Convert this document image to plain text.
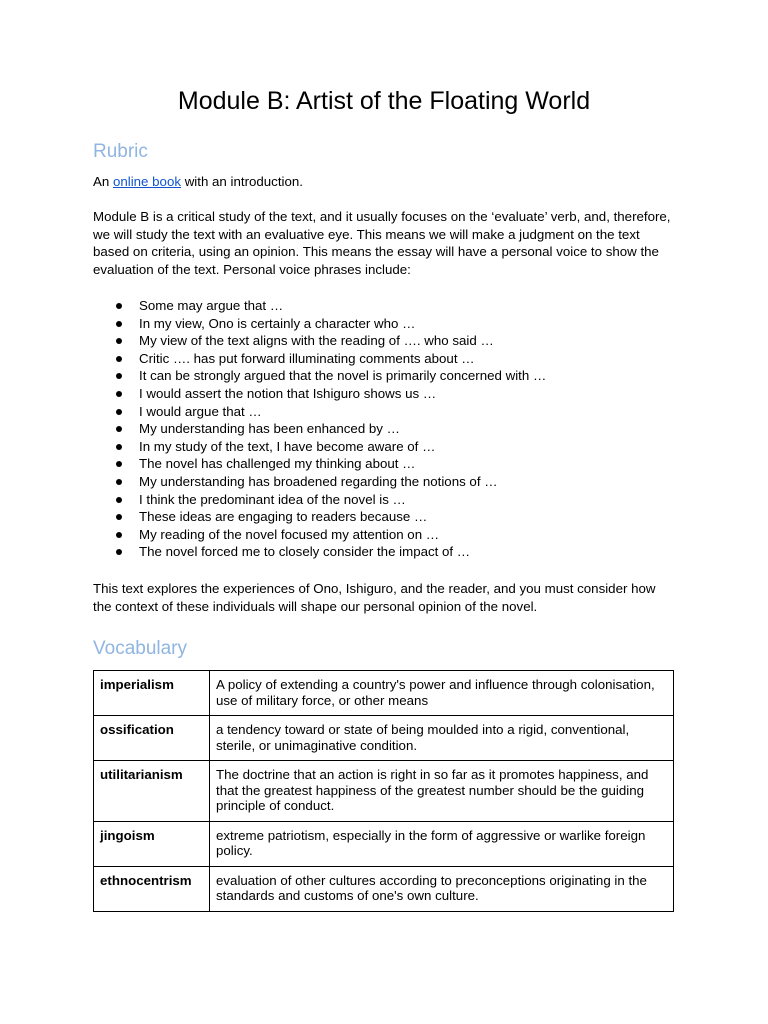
Module B: Artist of the Floating World
Rubric

An online book with an introduction.

Module B is a critical study of the text, and it usually focuses on the ‘evaluate’ verb, and, therefore, we will study the text with an evaluative eye. This means we will make a judgment on the text based on criteria, using an opinion. This means the essay will have a personal voice to show the evaluation of the text. Personal voice phrases include:

Some may argue that …
In my view, Ono is certainly a character who …
My view of the text aligns with the reading of …. who said …
Critic …. has put forward illuminating comments about …
It can be strongly argued that the novel is primarily concerned with …
I would assert the notion that Ishiguro shows us …
I would argue that …
My understanding has been enhanced by …
In my study of the text, I have become aware of …
The novel has challenged my thinking about …
My understanding has broadened regarding the notions of …
I think the predominant idea of the novel is …
These ideas are engaging to readers because …
My reading of the novel focused my attention on …
The novel forced me to closely consider the impact of …

This text explores the experiences of Ono, Ishiguro, and the reader, and you must consider how the context of these individuals will shape our personal opinion of the novel.

Vocabulary
imperialism	A policy of extending a country's power and influence through colonisation, use of military force, or other means
ossification	a tendency toward or state of being moulded into a rigid, conventional, sterile, or unimaginative condition.
utilitarianism	The doctrine that an action is right in so far as it promotes happiness, and that the greatest happiness of the greatest number should be the guiding principle of conduct.
jingoism	extreme patriotism, especially in the form of aggressive or warlike foreign policy.
ethnocentrism	evaluation of other cultures according to preconceptions originating in the standards and customs of one's own culture.
